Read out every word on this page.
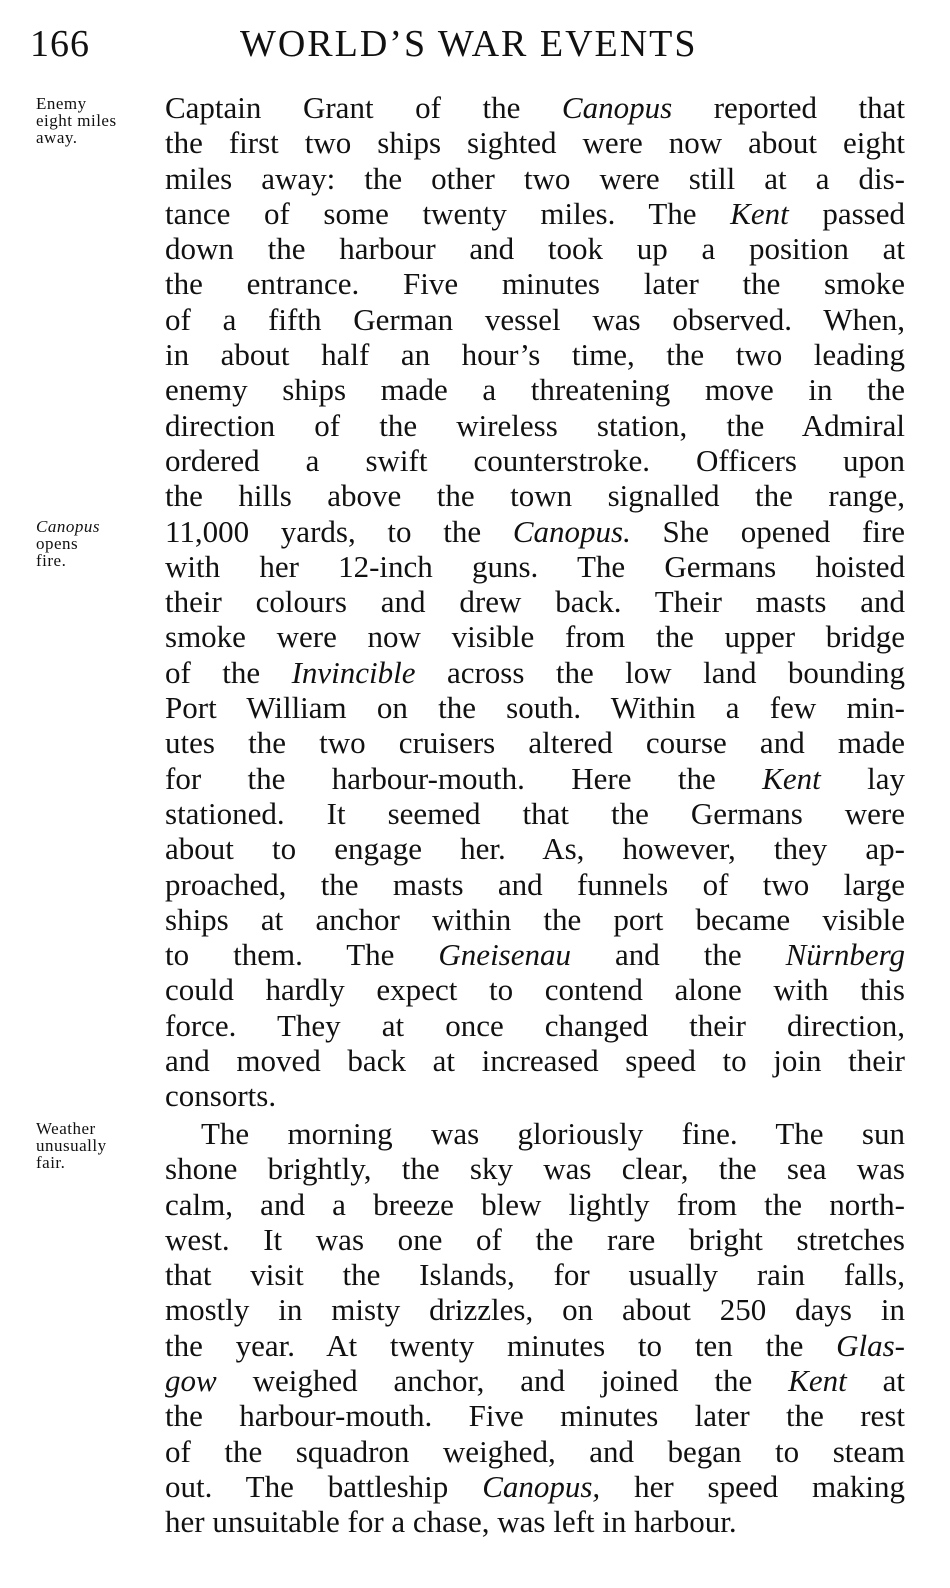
166	WORLD’S WAR EVENTS
Enemy
eight miles
away.
Canopus
opens
fire.
Weather
unusually
fair.
Captain Grant of the Canopus reported that
the first two ships sighted were now about eight
miles away: the other two were still at a dis-
tance of some twenty miles. The Kent passed
down the harbour and took up a position at
the entrance. Five minutes later the smoke
of a fifth German vessel was observed. When,
in about half an hour’s time, the two leading
enemy ships made a threatening move in the
direction of the wireless station, the Admiral
ordered a swift counterstroke. Officers upon
the hills above the town signalled the range,
11,000 yards, to the Canopus. She opened fire
with her 12-inch guns. The Germans hoisted
their colours and drew back. Their masts and
smoke were now visible from the upper bridge
of the Invincible across the low land bounding
Port William on the south. Within a few min-
utes the two cruisers altered course and made
for the harbour-mouth. Here the Kent lay
stationed. It seemed that the Germans were
about to engage her. As, however, they ap-
proached, the masts and funnels of two large
ships at anchor within the port became visible
to them. The Gneisenau and the Nürnberg
could hardly expect to contend alone with this
force. They at once changed their direction,
and moved back at increased speed to join their
consorts.
The morning was gloriously fine. The sun
shone brightly, the sky was clear, the sea was
calm, and a breeze blew lightly from the north-
west. It was one of the rare bright stretches
that visit the Islands, for usually rain falls,
mostly in misty drizzles, on about 250 days in
the year. At twenty minutes to ten the Glas-
gow weighed anchor, and joined the Kent at
the harbour-mouth. Five minutes later the rest
of the squadron weighed, and began to steam
out. The battleship Canopus, her speed making
her unsuitable for a chase, was left in harbour.
